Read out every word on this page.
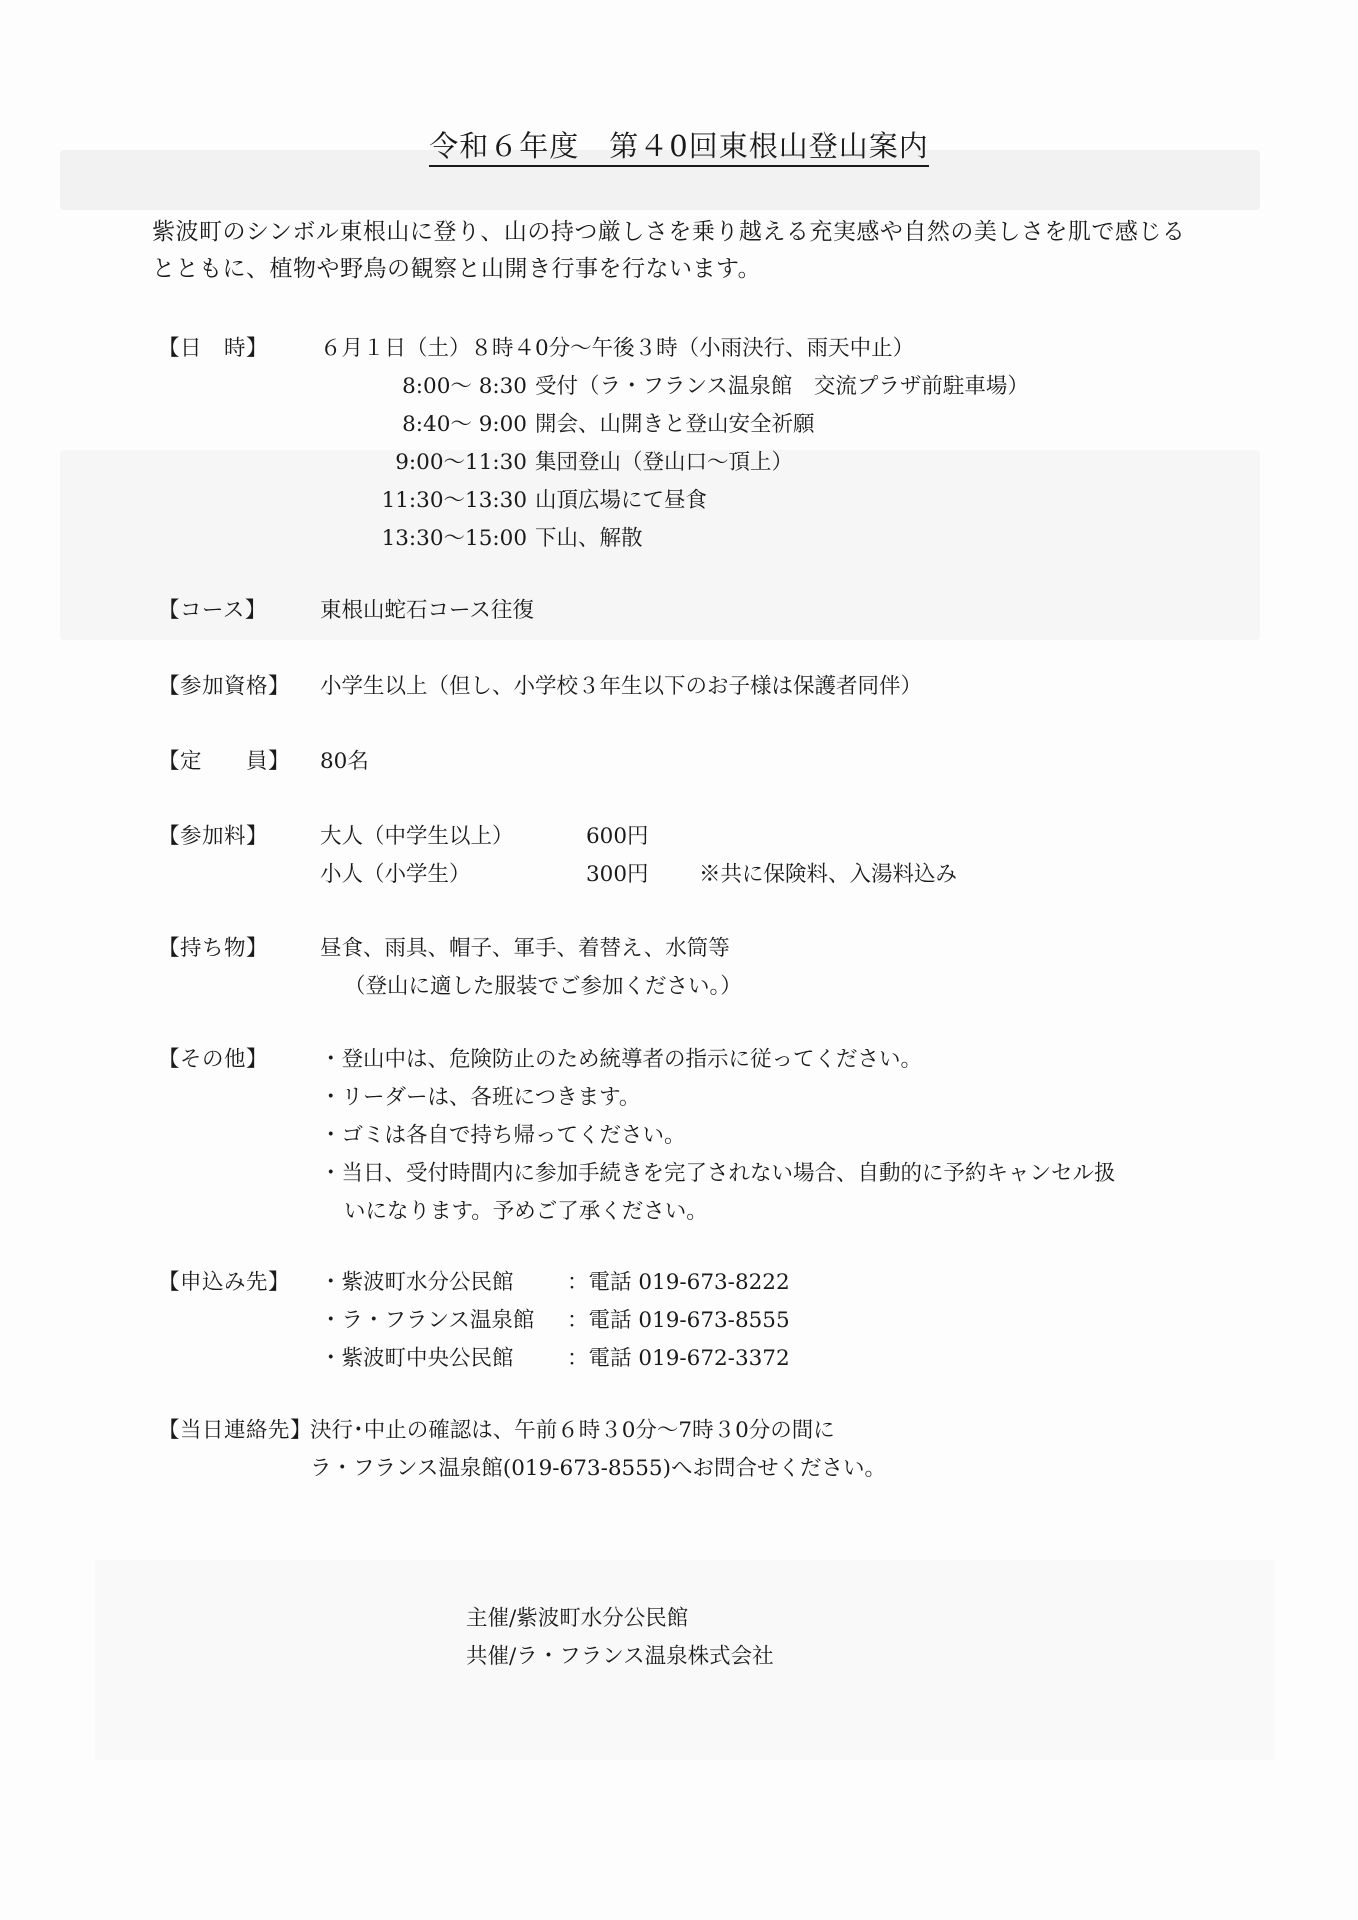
令和６年度　第４0回東根山登山案内
紫波町のシンボル東根山に登り、山の持つ厳しさを乗り越える充実感や自然の美しさを肌で感じる
とともに、植物や野鳥の観察と山開き行事を行ないます。
【日　時】 ６月１日（土）８時４0分～午後３時（小雨決行、雨天中止）
8:00～ 8:30 受付（ラ・フランス温泉館　交流プラザ前駐車場）
8:40～ 9:00 開会、山開きと登山安全祈願
9:00～11:30 集団登山（登山口～頂上）
11:30～13:30 山頂広場にて昼食
13:30～15:00 下山、解散
【コース】 東根山蛇石コース往復
【参加資格】 小学生以上（但し、小学校３年生以下のお子様は保護者同伴）
【定　　員】 80名
【参加料】 大人（中学生以上）	600円
小人（小学生）	300円 ※共に保険料、入湯料込み
【持ち物】 昼食、雨具、帽子、軍手、着替え、水筒等
（登山に適した服装でご参加ください。）
【その他】 ・登山中は、危険防止のため統導者の指示に従ってください。
・リーダーは、各班につきます。
・ゴミは各自で持ち帰ってください。
・当日、受付時間内に参加手続きを完了されない場合、自動的に予約キャンセル扱
いになります。予めご了承ください。
【申込み先】 ・紫波町水分公民館 ：電話 019-673-8222
・ラ・フランス温泉館 ：電話 019-673-8555
・紫波町中央公民館 ：電話 019-672-3372
【当日連絡先】
決行･中止の確認は、午前６時３0分～7時３0分の間に
ラ・フランス温泉館(019-673-8555)へお問合せください。
主催/紫波町水分公民館
共催/ラ・フランス温泉株式会社
